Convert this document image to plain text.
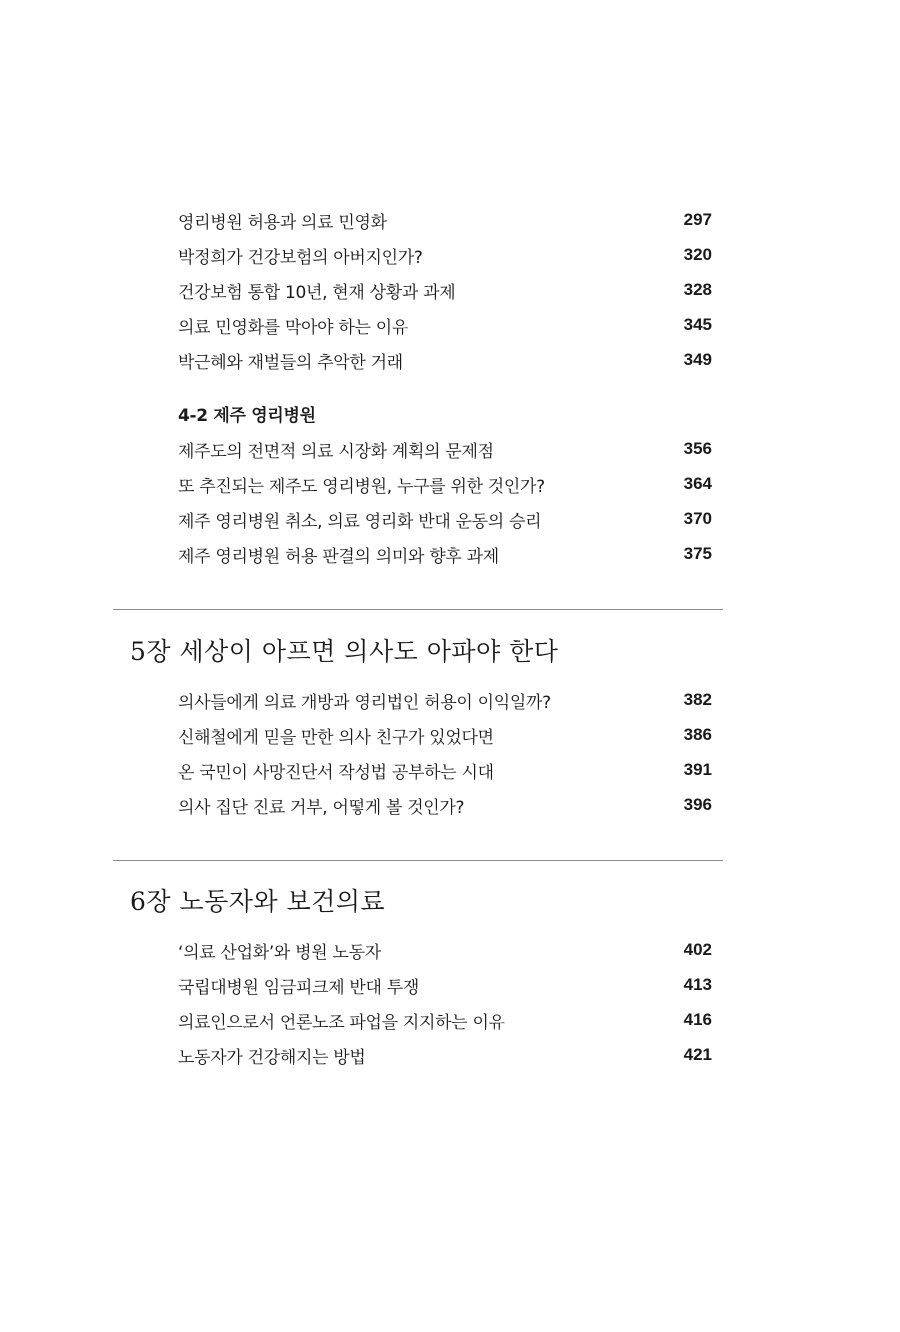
영리병원 허용과 의료 민영화	297
박정희가 건강보험의 아버지인가?	320
건강보험 통합 10년, 현재 상황과 과제	328
의료 민영화를 막아야 하는 이유	345
박근혜와 재벌들의 추악한 거래	349
4-2 제주 영리병원
제주도의 전면적 의료 시장화 계획의 문제점	356
또 추진되는 제주도 영리병원, 누구를 위한 것인가?	364
제주 영리병원 취소, 의료 영리화 반대 운동의 승리	370
제주 영리병원 허용 판결의 의미와 향후 과제	375
5장 세상이 아프면 의사도 아파야 한다
의사들에게 의료 개방과 영리법인 허용이 이익일까?	382
신해철에게 믿을 만한 의사 친구가 있었다면	386
온 국민이 사망진단서 작성법 공부하는 시대	391
의사 집단 진료 거부, 어떻게 볼 것인가?	396
6장 노동자와 보건의료
‘의료 산업화’와 병원 노동자	402
국립대병원 임금피크제 반대 투쟁	413
의료인으로서 언론노조 파업을 지지하는 이유	416
노동자가 건강해지는 방법	421
